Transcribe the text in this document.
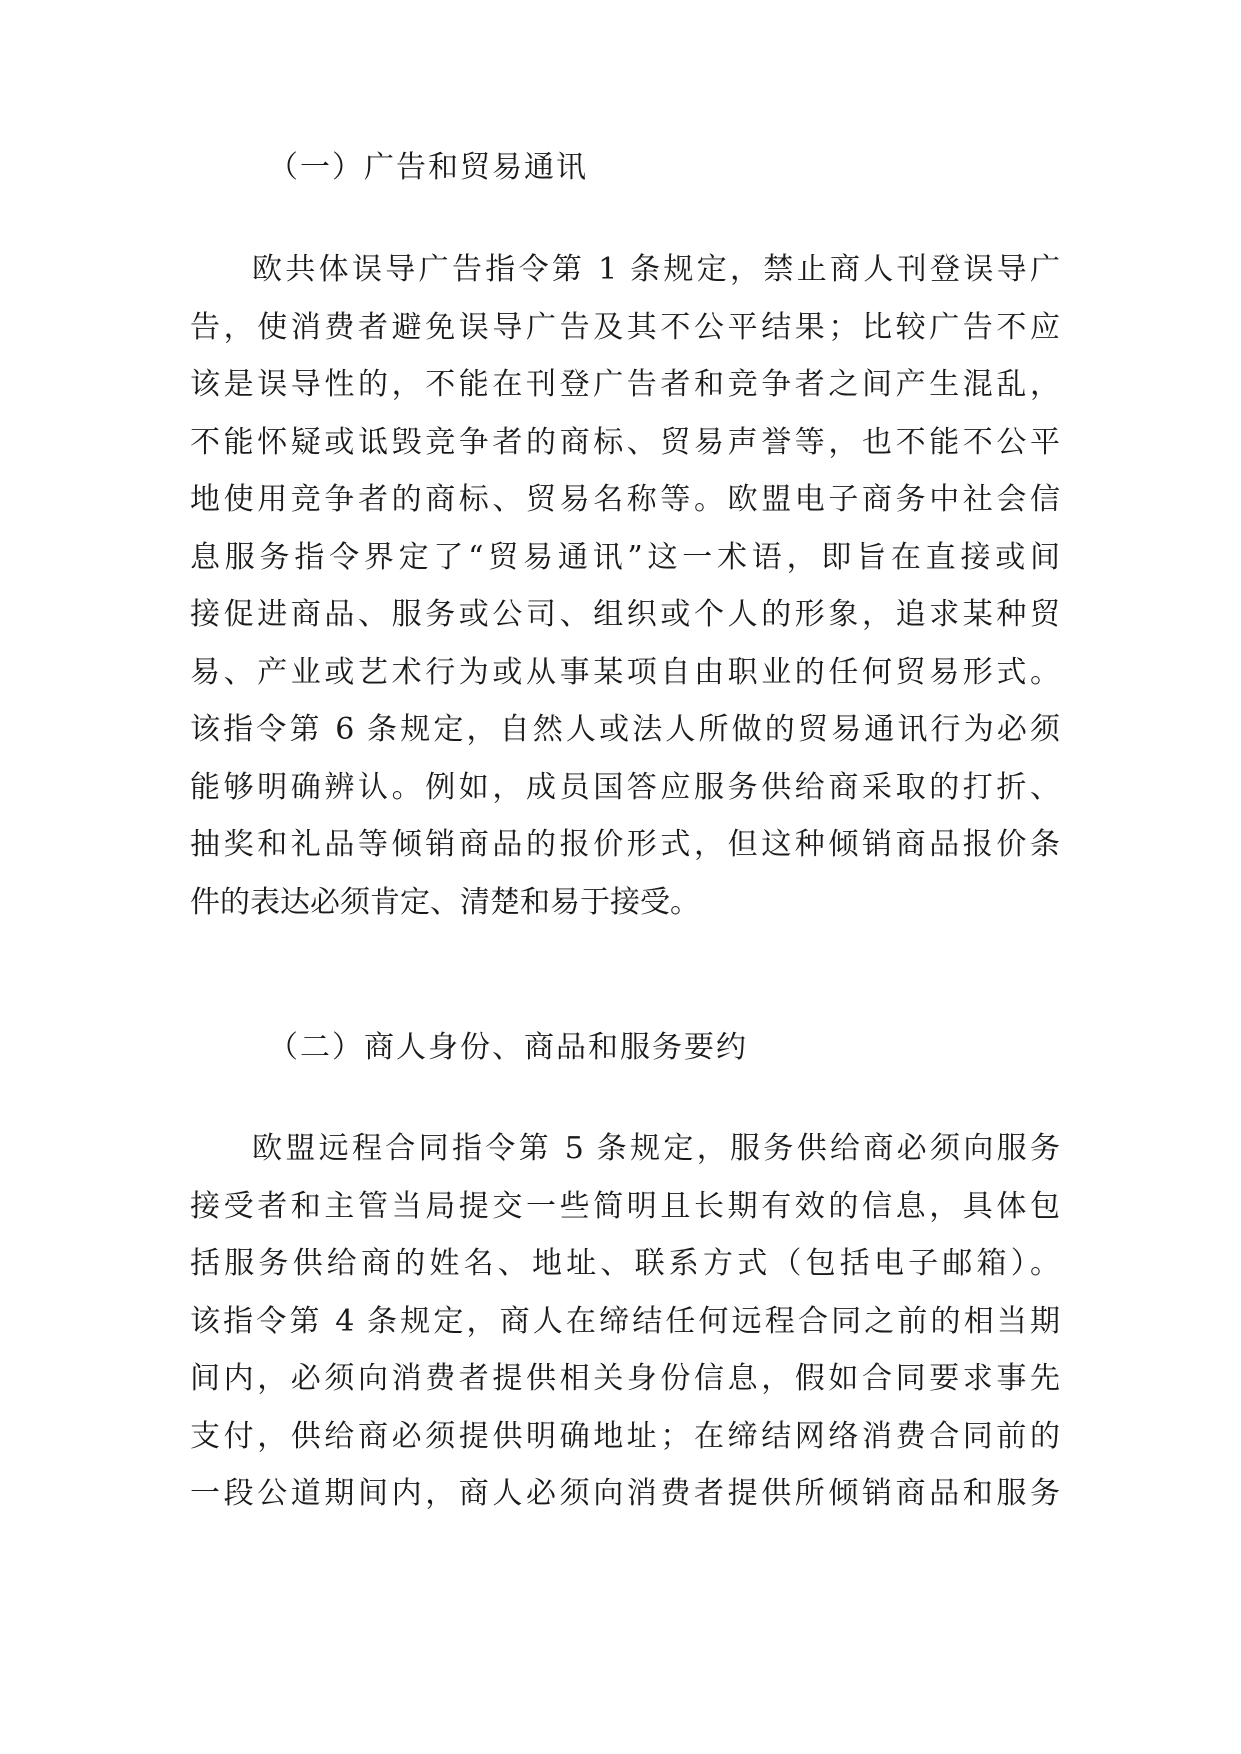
（一）广告和贸易通讯
欧共体误导广告指令第 1 条规定，禁止商人刊登误导广
告，使消费者避免误导广告及其不公平结果；比较广告不应
该是误导性的，不能在刊登广告者和竞争者之间产生混乱，
不能怀疑或诋毁竞争者的商标、贸易声誉等，也不能不公平
地使用竞争者的商标、贸易名称等。欧盟电子商务中社会信
息服务指令界定了“贸易通讯”这一术语，即旨在直接或间
接促进商品、服务或公司、组织或个人的形象，追求某种贸
易、产业或艺术行为或从事某项自由职业的任何贸易形式。
该指令第 6 条规定，自然人或法人所做的贸易通讯行为必须
能够明确辨认。例如，成员国答应服务供给商采取的打折、
抽奖和礼品等倾销商品的报价形式，但这种倾销商品报价条
件的表达必须肯定、清楚和易于接受。
（二）商人身份、商品和服务要约
欧盟远程合同指令第 5 条规定，服务供给商必须向服务
接受者和主管当局提交一些简明且长期有效的信息，具体包
括服务供给商的姓名、地址、联系方式（包括电子邮箱）。
该指令第 4 条规定，商人在缔结任何远程合同之前的相当期
间内，必须向消费者提供相关身份信息，假如合同要求事先
支付，供给商必须提供明确地址；在缔结网络消费合同前的
一段公道期间内，商人必须向消费者提供所倾销商品和服务
